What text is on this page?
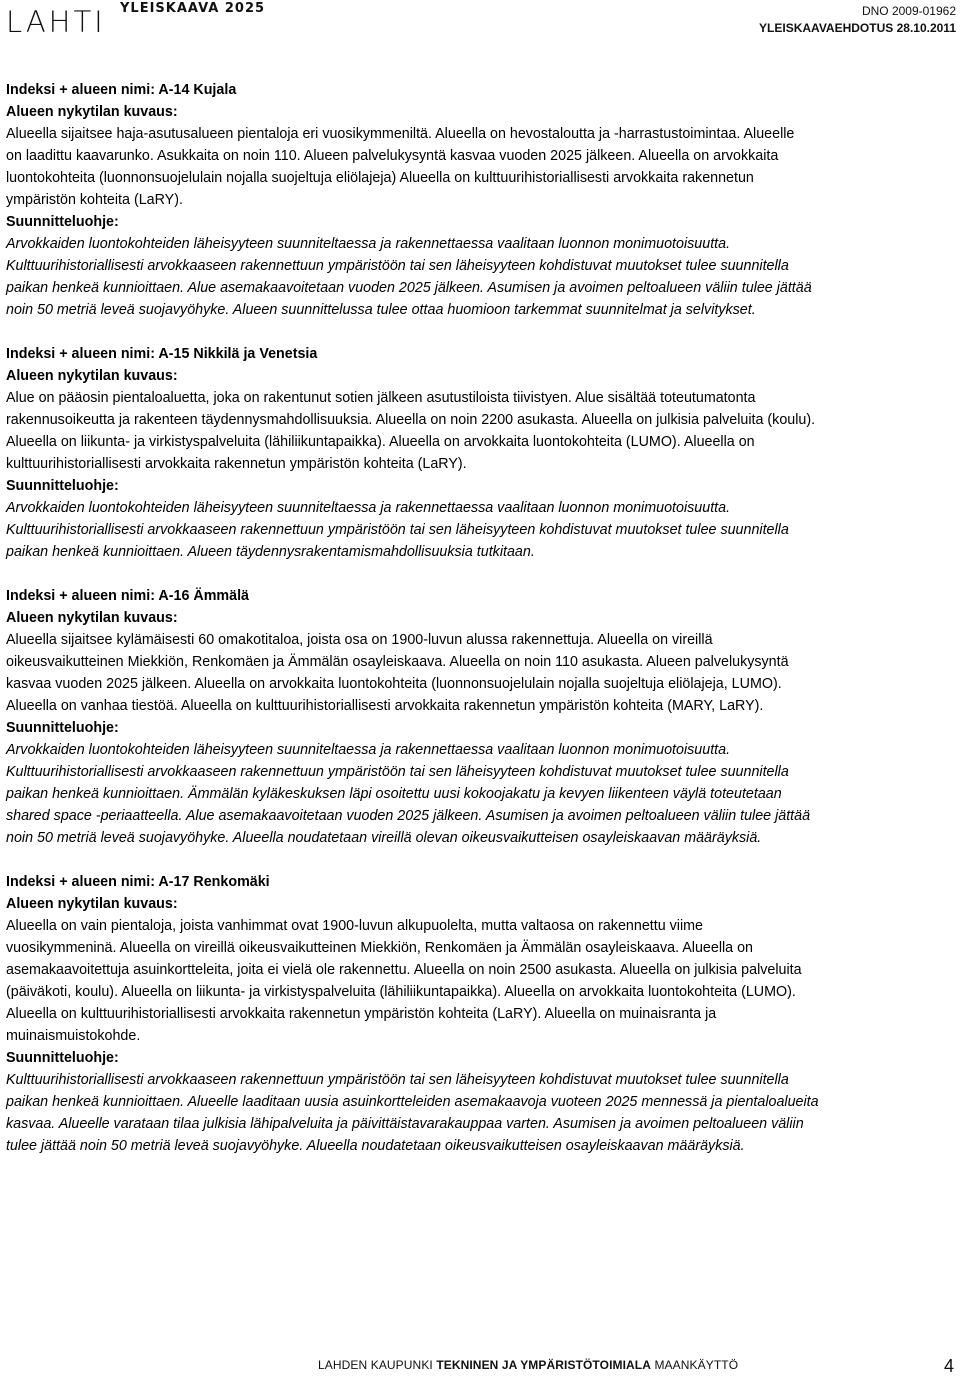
LAHTI YLEISKAAVA 2025	DNO 2009-01962
YLEISKAAVAEHDOTUS 28.10.2011
Indeksi + alueen nimi: A-14 Kujala
Alueen nykytilan kuvaus:
Alueella sijaitsee haja-asutusalueen pientaloja eri vuosikymmeniltä. Alueella on hevostaloutta ja -harrastustoimintaa. Alueelle
on laadittu kaavarunko. Asukkaita on noin 110. Alueen palvelukysyntä kasvaa vuoden 2025 jälkeen. Alueella on arvokkaita
luontokohteita (luonnonsuojelulain nojalla suojeltuja eliölajeja) Alueella on kulttuurihistoriallisesti arvokkaita rakennetun
ympäristön kohteita (LaRY).
Suunnitteluohje:
Arvokkaiden luontokohteiden läheisyyteen suunniteltaessa ja rakennettaessa vaalitaan luonnon monimuotoisuutta.
Kulttuurihistoriallisesti arvokkaaseen rakennettuun ympäristöön tai sen läheisyyteen kohdistuvat muutokset tulee suunnitella
paikan henkeä kunnioittaen. Alue asemakaavoitetaan vuoden 2025 jälkeen. Asumisen ja avoimen peltoalueen väliin tulee jättää
noin 50 metriä leveä suojavyöhyke. Alueen suunnittelussa tulee ottaa huomioon tarkemmat suunnitelmat ja selvitykset.
Indeksi + alueen nimi: A-15 Nikkilä ja Venetsia
Alueen nykytilan kuvaus:
Alue on pääosin pientaloaluetta, joka on rakentunut sotien jälkeen asutustiloista tiivistyen. Alue sisältää toteutumatonta
rakennusoikeutta ja rakenteen täydennysmahdollisuuksia. Alueella on noin 2200 asukasta. Alueella on julkisia palveluita (koulu).
Alueella on liikunta- ja virkistyspalveluita (lähiliikuntapaikka). Alueella on arvokkaita luontokohteita (LUMO). Alueella on
kulttuurihistoriallisesti arvokkaita rakennetun ympäristön kohteita (LaRY).
Suunnitteluohje:
Arvokkaiden luontokohteiden läheisyyteen suunniteltaessa ja rakennettaessa vaalitaan luonnon monimuotoisuutta.
Kulttuurihistoriallisesti arvokkaaseen rakennettuun ympäristöön tai sen läheisyyteen kohdistuvat muutokset tulee suunnitella
paikan henkeä kunnioittaen. Alueen täydennysrakentamismahdollisuuksia tutkitaan.
Indeksi + alueen nimi: A-16 Ämmälä
Alueen nykytilan kuvaus:
Alueella sijaitsee kylämäisesti 60 omakotitaloa, joista osa on 1900-luvun alussa rakennettuja. Alueella on vireillä
oikeusvaikutteinen Miekkiön, Renkomäen ja Ämmälän osayleiskaava. Alueella on noin 110 asukasta. Alueen palvelukysyntä
kasvaa vuoden 2025 jälkeen. Alueella on arvokkaita luontokohteita (luonnonsuojelulain nojalla suojeltuja eliölajeja, LUMO).
Alueella on vanhaa tiestöä. Alueella on kulttuurihistoriallisesti arvokkaita rakennetun ympäristön kohteita (MARY, LaRY).
Suunnitteluohje:
Arvokkaiden luontokohteiden läheisyyteen suunniteltaessa ja rakennettaessa vaalitaan luonnon monimuotoisuutta.
Kulttuurihistoriallisesti arvokkaaseen rakennettuun ympäristöön tai sen läheisyyteen kohdistuvat muutokset tulee suunnitella
paikan henkeä kunnioittaen. Ämmälän kyläkeskuksen läpi osoitettu uusi kokoojakatu ja kevyen liikenteen väylä toteutetaan
shared space -periaatteella. Alue asemakaavoitetaan vuoden 2025 jälkeen. Asumisen ja avoimen peltoalueen väliin tulee jättää
noin 50 metriä leveä suojavyöhyke. Alueella noudatetaan vireillä olevan oikeusvaikutteisen osayleiskaavan määräyksiä.
Indeksi + alueen nimi: A-17 Renkomäki
Alueen nykytilan kuvaus:
Alueella on vain pientaloja, joista vanhimmat ovat 1900-luvun alkupuolelta, mutta valtaosa on rakennettu viime
vuosikymmeninä. Alueella on vireillä oikeusvaikutteinen Miekkiön, Renkomäen ja Ämmälän osayleiskaava. Alueella on
asemakaavoitettuja asuinkortteleita, joita ei vielä ole rakennettu. Alueella on noin 2500 asukasta. Alueella on julkisia palveluita
(päiväkoti, koulu). Alueella on liikunta- ja virkistyspalveluita (lähiliikuntapaikka). Alueella on arvokkaita luontokohteita (LUMO).
Alueella on kulttuurihistoriallisesti arvokkaita rakennetun ympäristön kohteita (LaRY). Alueella on muinaisranta ja
muinaismuistokohde.
Suunnitteluohje:
Kulttuurihistoriallisesti arvokkaaseen rakennettuun ympäristöön tai sen läheisyyteen kohdistuvat muutokset tulee suunnitella
paikan henkeä kunnioittaen. Alueelle laaditaan uusia asuinkortteleiden asemakaavoja vuoteen 2025 mennessä ja pientaloalueita
kasvaa. Alueelle varataan tilaa julkisia lähipalveluita ja päivittäistavarakauppaa varten. Asumisen ja avoimen peltoalueen väliin
tulee jättää noin 50 metriä leveä suojavyöhyke. Alueella noudatetaan oikeusvaikutteisen osayleiskaavan määräyksiä.
LAHDEN KAUPUNKI TEKNINEN JA YMPÄRISTÖTOIMIALA MAANKÄYTTÖ	4
